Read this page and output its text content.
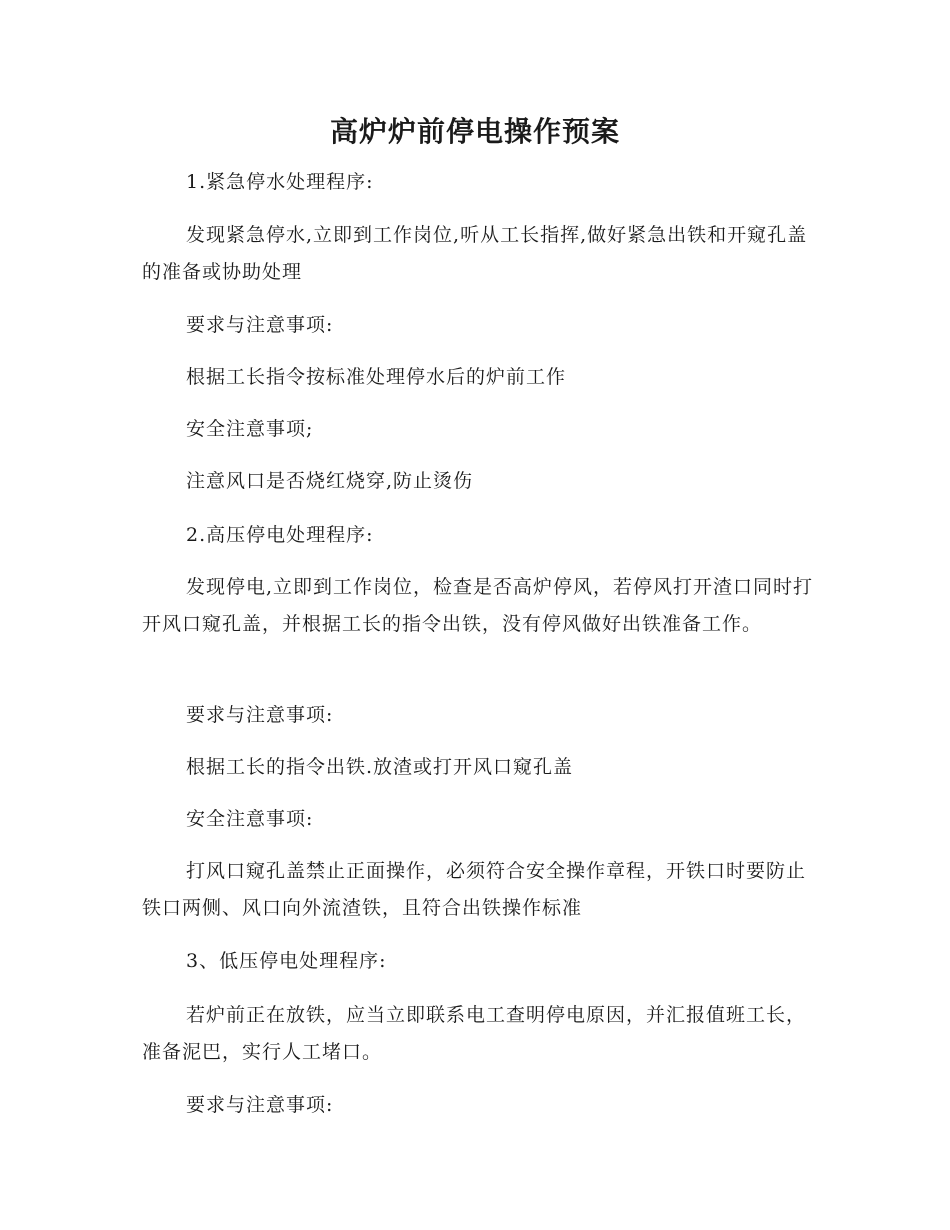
高炉炉前停电操作预案
1.紧急停水处理程序:
发现紧急停水,立即到工作岗位,听从工长指挥,做好紧急出铁和开窥孔盖的准备或协助处理
要求与注意事项:
根据工长指令按标准处理停水后的炉前工作
安全注意事项;
注意风口是否烧红烧穿,防止烫伤
2.高压停电处理程序:
发现停电,立即到工作岗位，检查是否高炉停风，若停风打开渣口同时打开风口窥孔盖，并根据工长的指令出铁，没有停风做好出铁准备工作。
要求与注意事项:
根据工长的指令出铁.放渣或打开风口窥孔盖
安全注意事项:
打风口窥孔盖禁止正面操作，必须符合安全操作章程，开铁口时要防止铁口两侧、风口向外流渣铁，且符合出铁操作标准
3、低压停电处理程序:
若炉前正在放铁，应当立即联系电工查明停电原因，并汇报值班工长，准备泥巴，实行人工堵口。
要求与注意事项:
